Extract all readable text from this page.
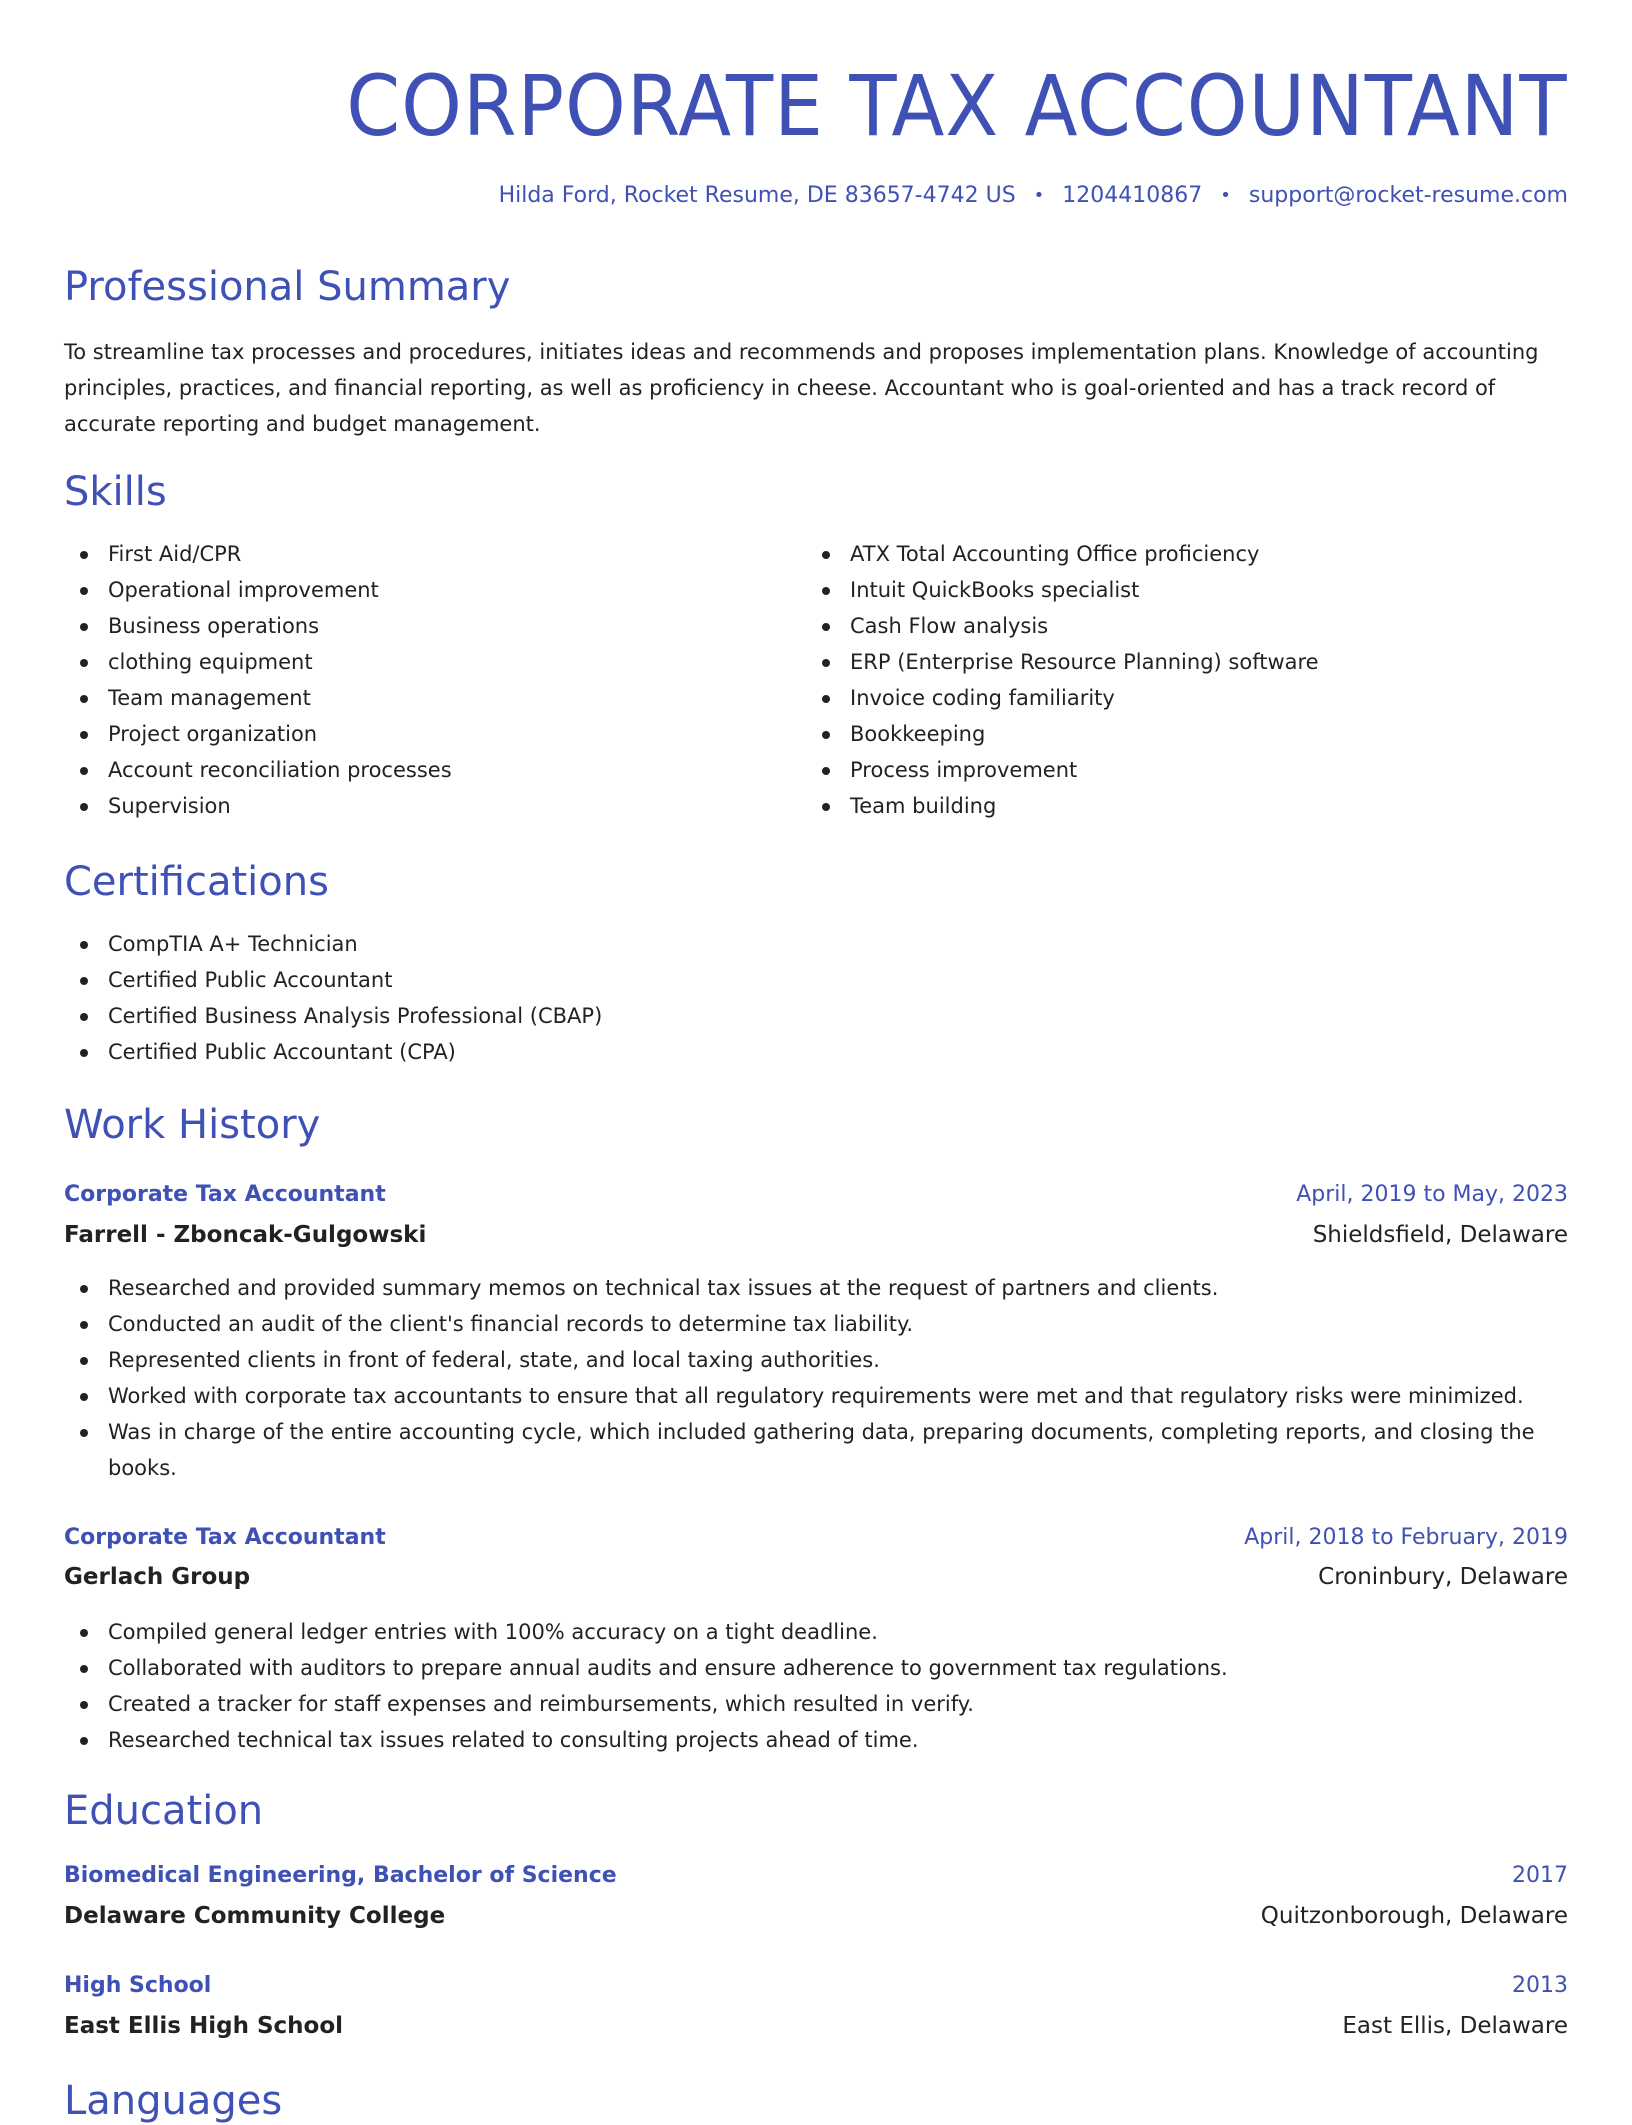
CORPORATE TAX ACCOUNTANT
Hilda Ford, Rocket Resume, DE 83657-4742 US • 1204410867 • support@rocket-resume.com
Professional Summary

To streamline tax processes and procedures, initiates ideas and recommends and proposes implementation plans. Knowledge of accounting principles, practices, and financial reporting, as well as proficiency in cheese. Accountant who is goal-oriented and has a track record of accurate reporting and budget management.

Skills
First Aid/CPR
Operational improvement
Business operations
clothing equipment
Team management
Project organization
Account reconciliation processes
Supervision
ATX Total Accounting Office proficiency
Intuit QuickBooks specialist
Cash Flow analysis
ERP (Enterprise Resource Planning) software
Invoice coding familiarity
Bookkeeping
Process improvement
Team building
Certifications
CompTIA A+ Technician
Certified Public Accountant
Certified Business Analysis Professional (CBAP)
Certified Public Accountant (CPA)
Work History
Corporate Tax Accountant	April, 2019 to May, 2023
Farrell - Zboncak-Gulgowski	Shieldsfield, Delaware
Researched and provided summary memos on technical tax issues at the request of partners and clients.
Conducted an audit of the client's financial records to determine tax liability.
Represented clients in front of federal, state, and local taxing authorities.
Worked with corporate tax accountants to ensure that all regulatory requirements were met and that regulatory risks were minimized.
Was in charge of the entire accounting cycle, which included gathering data, preparing documents, completing reports, and closing the books.
Corporate Tax Accountant	April, 2018 to February, 2019
Gerlach Group	Croninbury, Delaware
Compiled general ledger entries with 100% accuracy on a tight deadline.
Collaborated with auditors to prepare annual audits and ensure adherence to government tax regulations.
Created a tracker for staff expenses and reimbursements, which resulted in verify.
Researched technical tax issues related to consulting projects ahead of time.
Education
Biomedical Engineering, Bachelor of Science	2017
Delaware Community College	Quitzonborough, Delaware
High School	2013
East Ellis High School	East Ellis, Delaware
Languages
